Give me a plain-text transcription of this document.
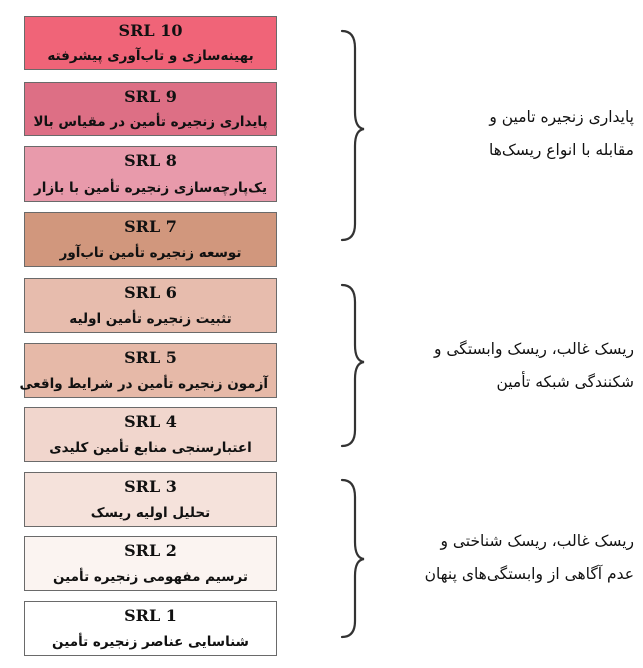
SRL 10
بهینه‌سازی و تاب‌آوری پیشرفته
SRL 9
پایداری زنجیره تأمین در مقیاس بالا
SRL 8
یک‌پارچه‌سازی زنجیره تأمین با بازار
SRL 7
توسعه زنجیره تأمین تاب‌آور
SRL 6
تثبیت زنجیره تأمین اولیه
SRL 5
آزمون زنجیره تأمین در شرایط واقعی
SRL 4
اعتبارسنجی منابع تأمین کلیدی
SRL 3
تحلیل اولیه ریسک
SRL 2
ترسیم مفهومی زنجیره تأمین
SRL 1
شناسایی عناصر زنجیره تأمین
پایداری زنجیره تامین و
مقابله با انواع ریسک‌ها
ریسک غالب، ریسک وابستگی و
شکنندگی شبکه تأمین
ریسک غالب، ریسک شناختی و
عدم آگاهی از وابستگی‌های پنهان
